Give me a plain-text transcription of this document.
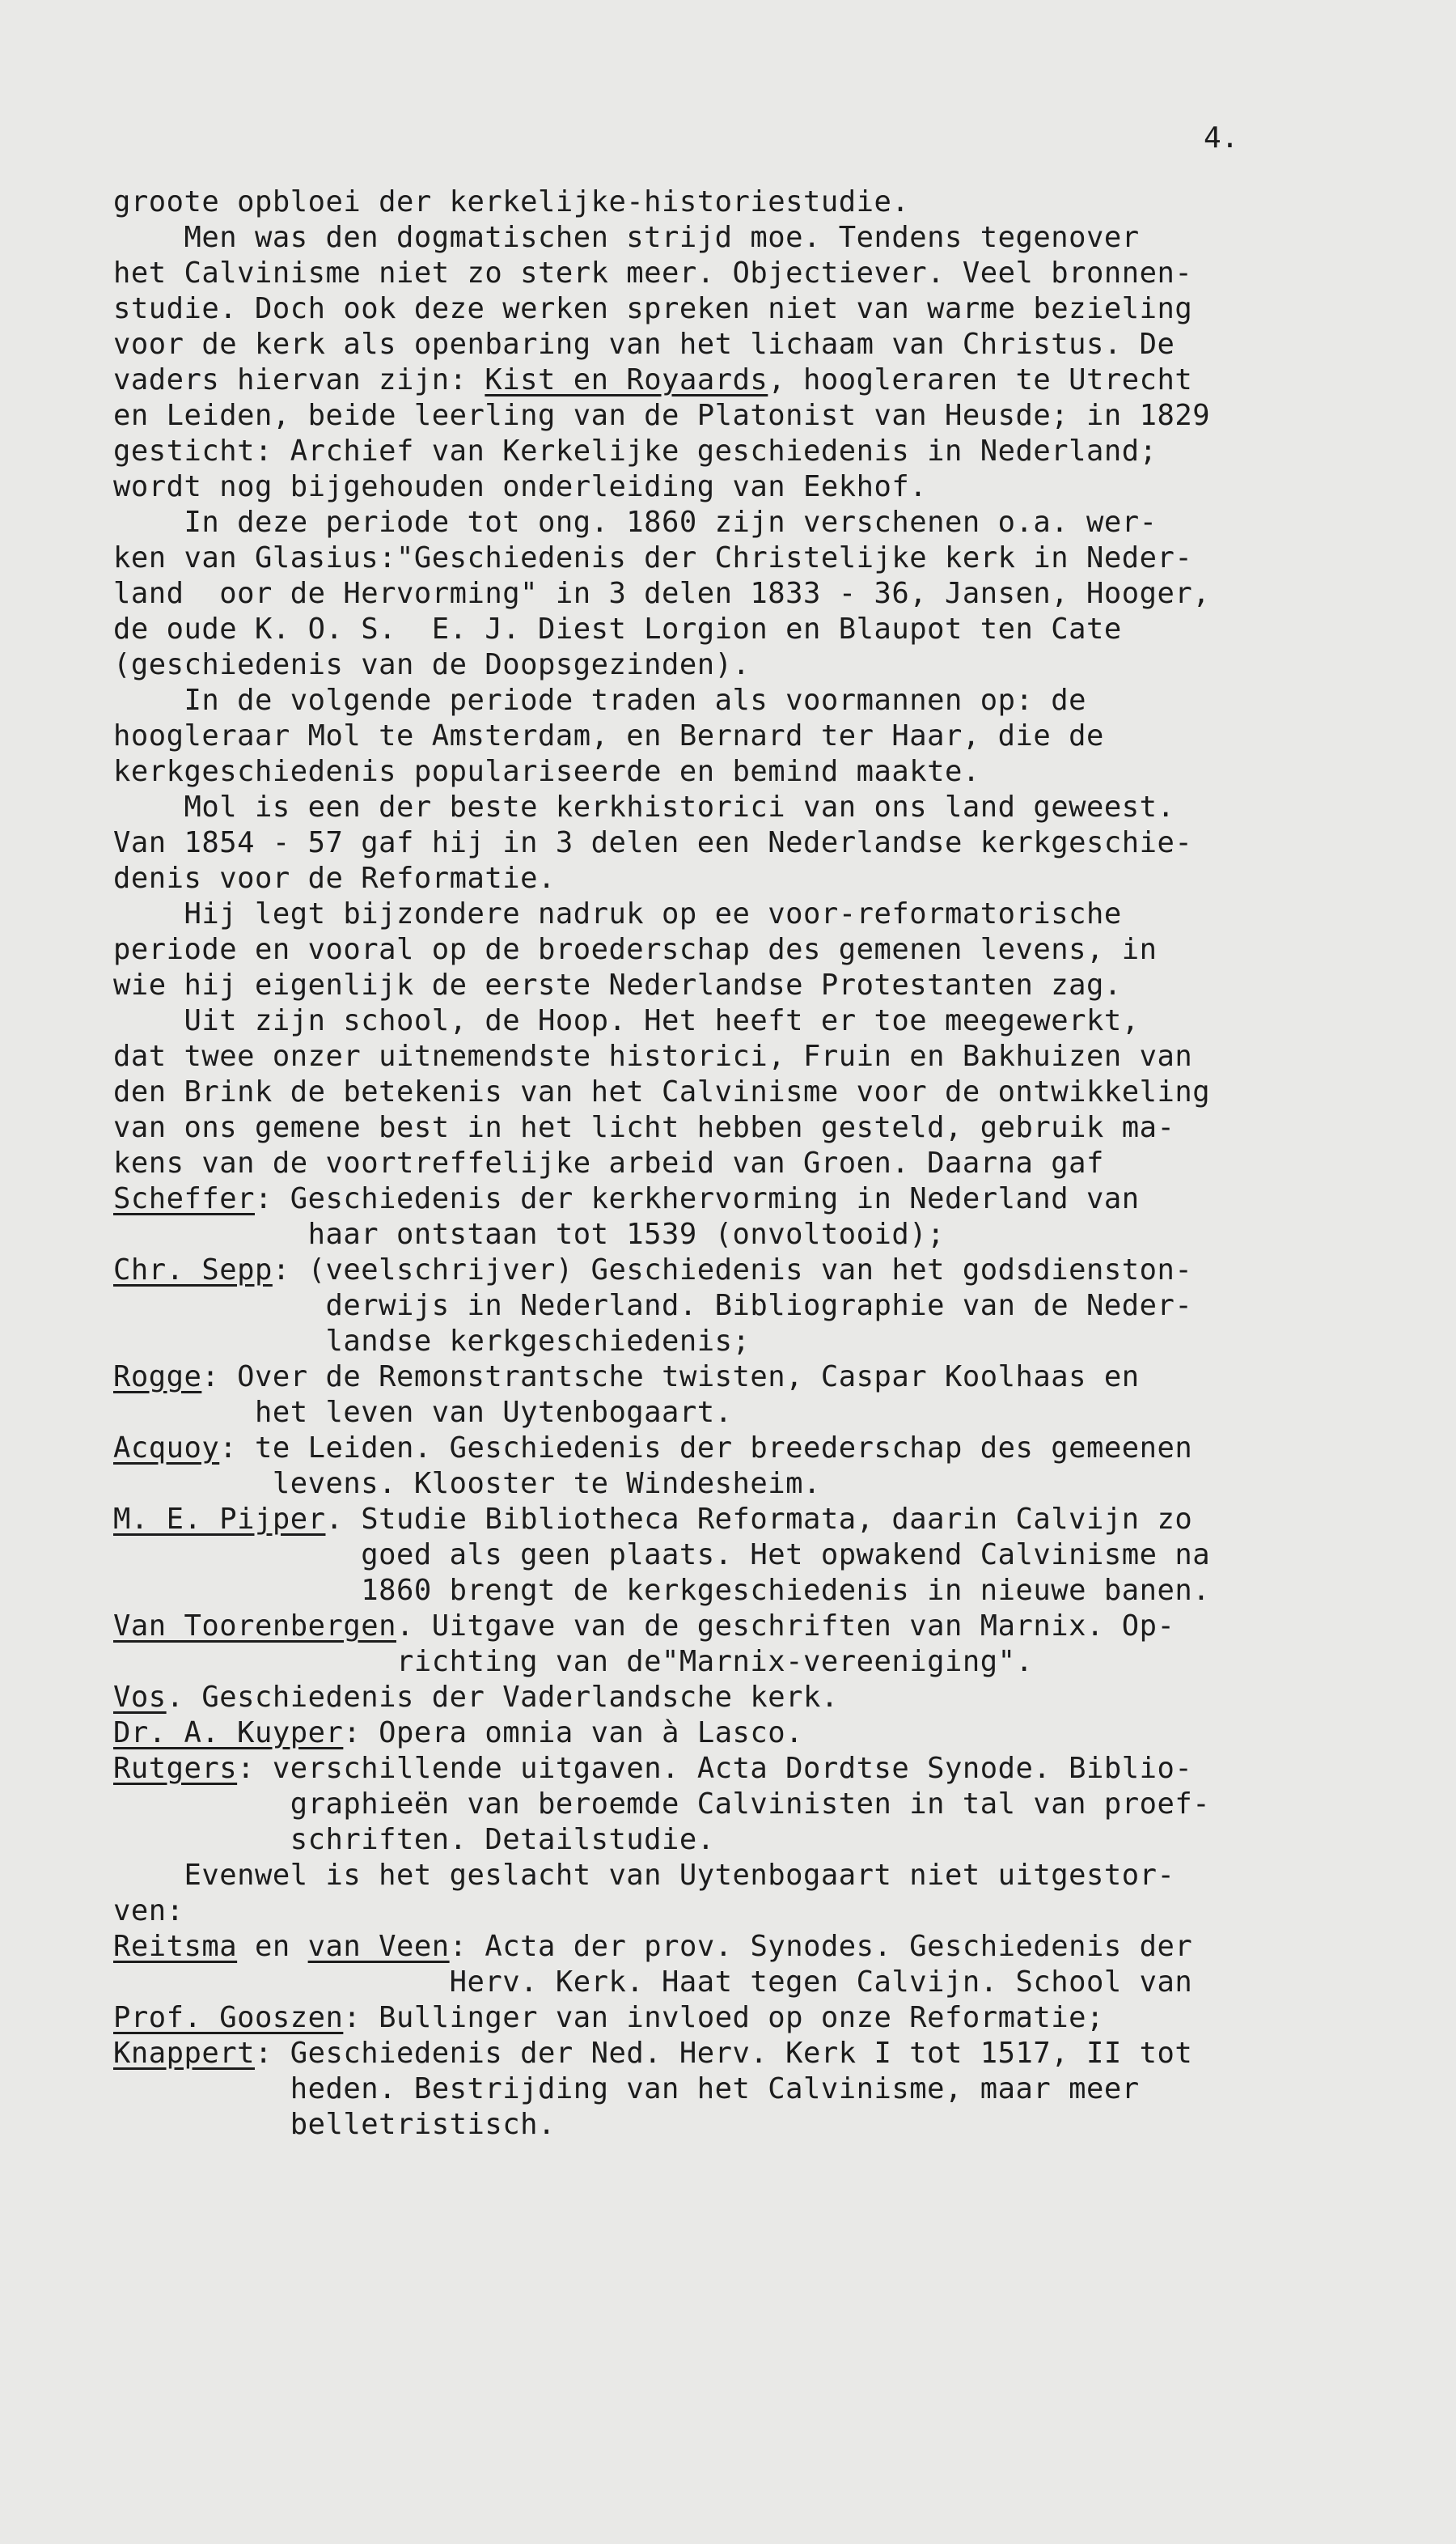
4.
groote opbloei der kerkelijke-historiestudie.
Men was den dogmatischen strijd moe. Tendens tegenover
het Calvinisme niet zo sterk meer. Objectiever. Veel bronnen-
studie. Doch ook deze werken spreken niet van warme bezieling
voor de kerk als openbaring van het lichaam van Christus. De
vaders hiervan zijn: Kist en Royaards, hoogleraren te Utrecht
en Leiden, beide leerling van de Platonist van Heusde; in 1829
gesticht: Archief van Kerkelijke geschiedenis in Nederland;
wordt nog bijgehouden onderleiding van Eekhof.
In deze periode tot ong. 1860 zijn verschenen o.a. wer-
ken van Glasius:"Geschiedenis der Christelijke kerk in Neder-
land  oor de Hervorming" in 3 delen 1833 - 36, Jansen, Hooger,
de oude K. O. S.  E. J. Diest Lorgion en Blaupot ten Cate
(geschiedenis van de Doopsgezinden).
In de volgende periode traden als voormannen op: de
hoogleraar Mol te Amsterdam, en Bernard ter Haar, die de
kerkgeschiedenis populariseerde en bemind maakte.
Mol is een der beste kerkhistorici van ons land geweest.
Van 1854 - 57 gaf hij in 3 delen een Nederlandse kerkgeschie-
denis voor de Reformatie.
Hij legt bijzondere nadruk op ee voor-reformatorische
periode en vooral op de broederschap des gemenen levens, in
wie hij eigenlijk de eerste Nederlandse Protestanten zag.
Uit zijn school, de Hoop. Het heeft er toe meegewerkt,
dat twee onzer uitnemendste historici, Fruin en Bakhuizen van
den Brink de betekenis van het Calvinisme voor de ontwikkeling
van ons gemene best in het licht hebben gesteld, gebruik ma-
kens van de voortreffelijke arbeid van Groen. Daarna gaf
Scheffer: Geschiedenis der kerkhervorming in Nederland van
haar ontstaan tot 1539 (onvoltooid);
Chr. Sepp: (veelschrijver) Geschiedenis van het godsdienston-
derwijs in Nederland. Bibliographie van de Neder-
landse kerkgeschiedenis;
Rogge: Over de Remonstrantsche twisten, Caspar Koolhaas en
het leven van Uytenbogaart.
Acquoy: te Leiden. Geschiedenis der breederschap des gemeenen
levens. Klooster te Windesheim.
M. E. Pijper. Studie Bibliotheca Reformata, daarin Calvijn zo
goed als geen plaats. Het opwakend Calvinisme na
1860 brengt de kerkgeschiedenis in nieuwe banen.
Van Toorenbergen. Uitgave van de geschriften van Marnix. Op-
richting van de"Marnix-vereeniging".
Vos. Geschiedenis der Vaderlandsche kerk.
Dr. A. Kuyper: Opera omnia van à Lasco.
Rutgers: verschillende uitgaven. Acta Dordtse Synode. Biblio-
graphieën van beroemde Calvinisten in tal van proef-
schriften. Detailstudie.
Evenwel is het geslacht van Uytenbogaart niet uitgestor-
ven:
Reitsma en van Veen: Acta der prov. Synodes. Geschiedenis der
Herv. Kerk. Haat tegen Calvijn. School van
Prof. Gooszen: Bullinger van invloed op onze Reformatie;
Knappert: Geschiedenis der Ned. Herv. Kerk I tot 1517, II tot
heden. Bestrijding van het Calvinisme, maar meer
belletristisch.
